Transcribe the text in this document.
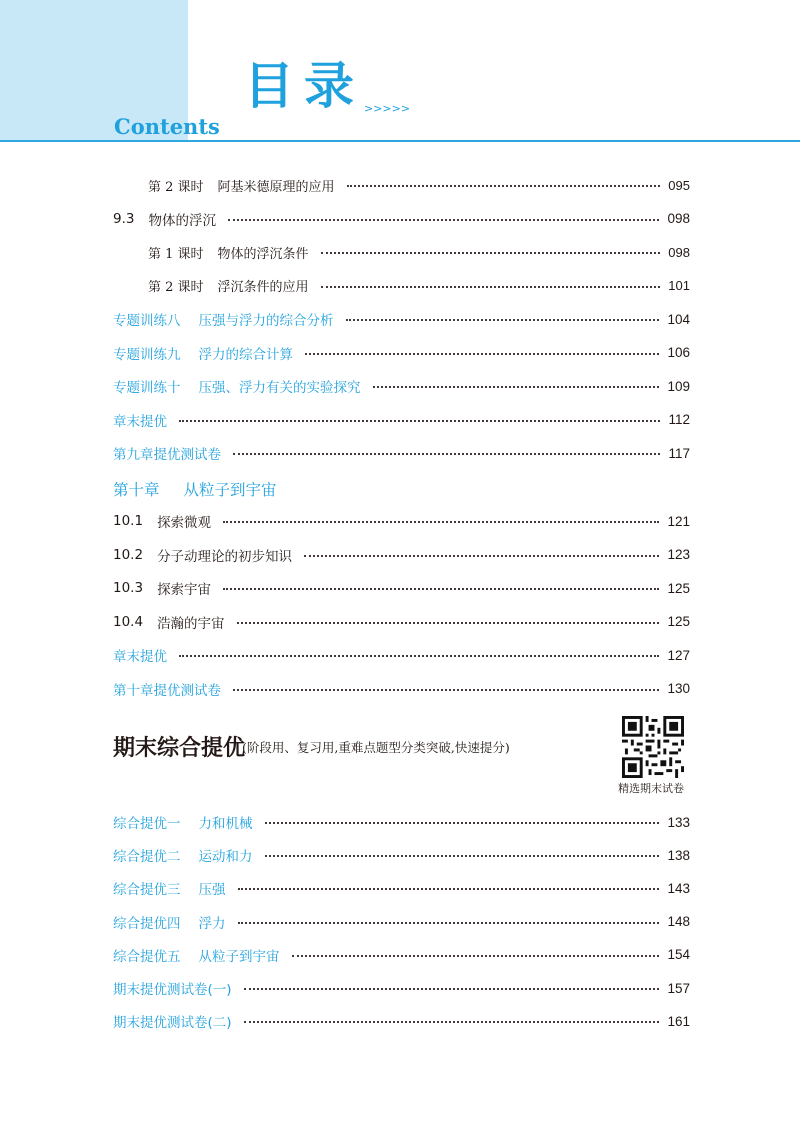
目录 >>>>>
Contents
第 2 课时 阿基米德原理的应用	095
9.3 物体的浮沉	098
第 1 课时 物体的浮沉条件	098
第 2 课时 浮沉条件的应用	101
专题训练八 压强与浮力的综合分析	104
专题训练九 浮力的综合计算	106
专题训练十 压强、浮力有关的实验探究	109
章末提优	112
第九章提优测试卷	117
第十章 从粒子到宇宙
10.1 探索微观	121
10.2 分子动理论的初步知识	123
10.3 探索宇宙	125
10.4 浩瀚的宇宙	125
章末提优	127
第十章提优测试卷	130
期末综合提优
(阶段用、复习用,重难点题型分类突破,快速提分)
精选期末试卷
综合提优一 力和机械	133
综合提优二 运动和力	138
综合提优三 压强	143
综合提优四 浮力	148
综合提优五 从粒子到宇宙	154
期末提优测试卷(一)	157
期末提优测试卷(二)	161
